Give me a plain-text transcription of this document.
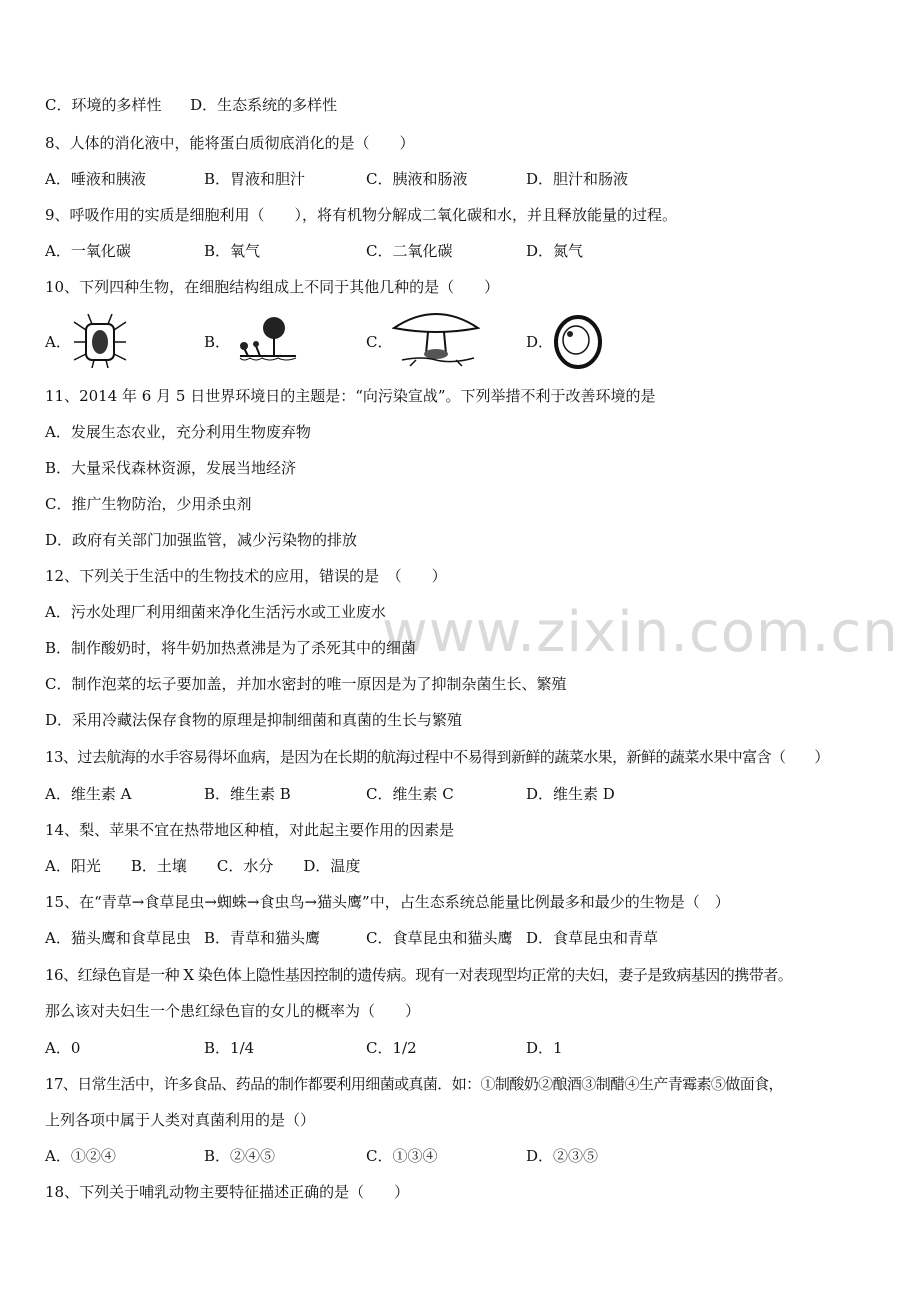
www.zixin.com.cn
C．环境的多样性      D．生态系统的多样性
8、人体的消化液中，能将蛋白质彻底消化的是（　　）
A．唾液和胰液	B．胃液和胆汁	C．胰液和肠液	D．胆汁和肠液
9、呼吸作用的实质是细胞利用（　　），将有机物分解成二氧化碳和水，并且释放能量的过程。
A．一氧化碳	B．氧气	C．二氧化碳	D．氮气
10、下列四种生物，在细胞结构组成上不同于其他几种的是（　　）
A．	B．	C．	D．
11、2014 年 6 月 5 日世界环境日的主题是：“向污染宣战”。下列举措不利于改善环境的是
A．发展生态农业，充分利用生物废弃物
B．大量采伐森林资源，发展当地经济
C．推广生物防治，少用杀虫剂
D．政府有关部门加强监管，减少污染物的排放
12、下列关于生活中的生物技术的应用，错误的是　（　　）
A．污水处理厂利用细菌来净化生活污水或工业废水
B．制作酸奶时，将牛奶加热煮沸是为了杀死其中的细菌
C．制作泡菜的坛子要加盖，并加水密封的唯一原因是为了抑制杂菌生长、繁殖
D．采用冷藏法保存食物的原理是抑制细菌和真菌的生长与繁殖
13、过去航海的水手容易得坏血病，是因为在长期的航海过程中不易得到新鲜的蔬菜水果，新鲜的蔬菜水果中富含（　　）
A．维生素 A	B．维生素 B	C．维生素 C	D．维生素 D
14、梨、苹果不宜在热带地区种植，对此起主要作用的因素是
A．阳光　　B．土壤　　C．水分　　D．温度
15、在“青草→食草昆虫→蜘蛛→食虫鸟→猫头鹰”中，占生态系统总能量比例最多和最少的生物是（　）
A．猫头鹰和食草昆虫 B．青草和猫头鹰	C．食草昆虫和猫头鹰 D．食草昆虫和青草
16、红绿色盲是一种 X 染色体上隐性基因控制的遗传病。现有一对表现型均正常的夫妇，妻子是致病基因的携带者。
那么该对夫妇生一个患红绿色盲的女儿的概率为（　　）
A．0	B．1/4	C．1/2	D．1
17、日常生活中，许多食品、药品的制作都要利用细菌或真菌．如：①制酸奶②酿酒③制醋④生产青霉素⑤做面食，
上列各项中属于人类对真菌利用的是（）
A．①②④	B．②④⑤	C．①③④	D．②③⑤
18、下列关于哺乳动物主要特征描述正确的是（　　）
